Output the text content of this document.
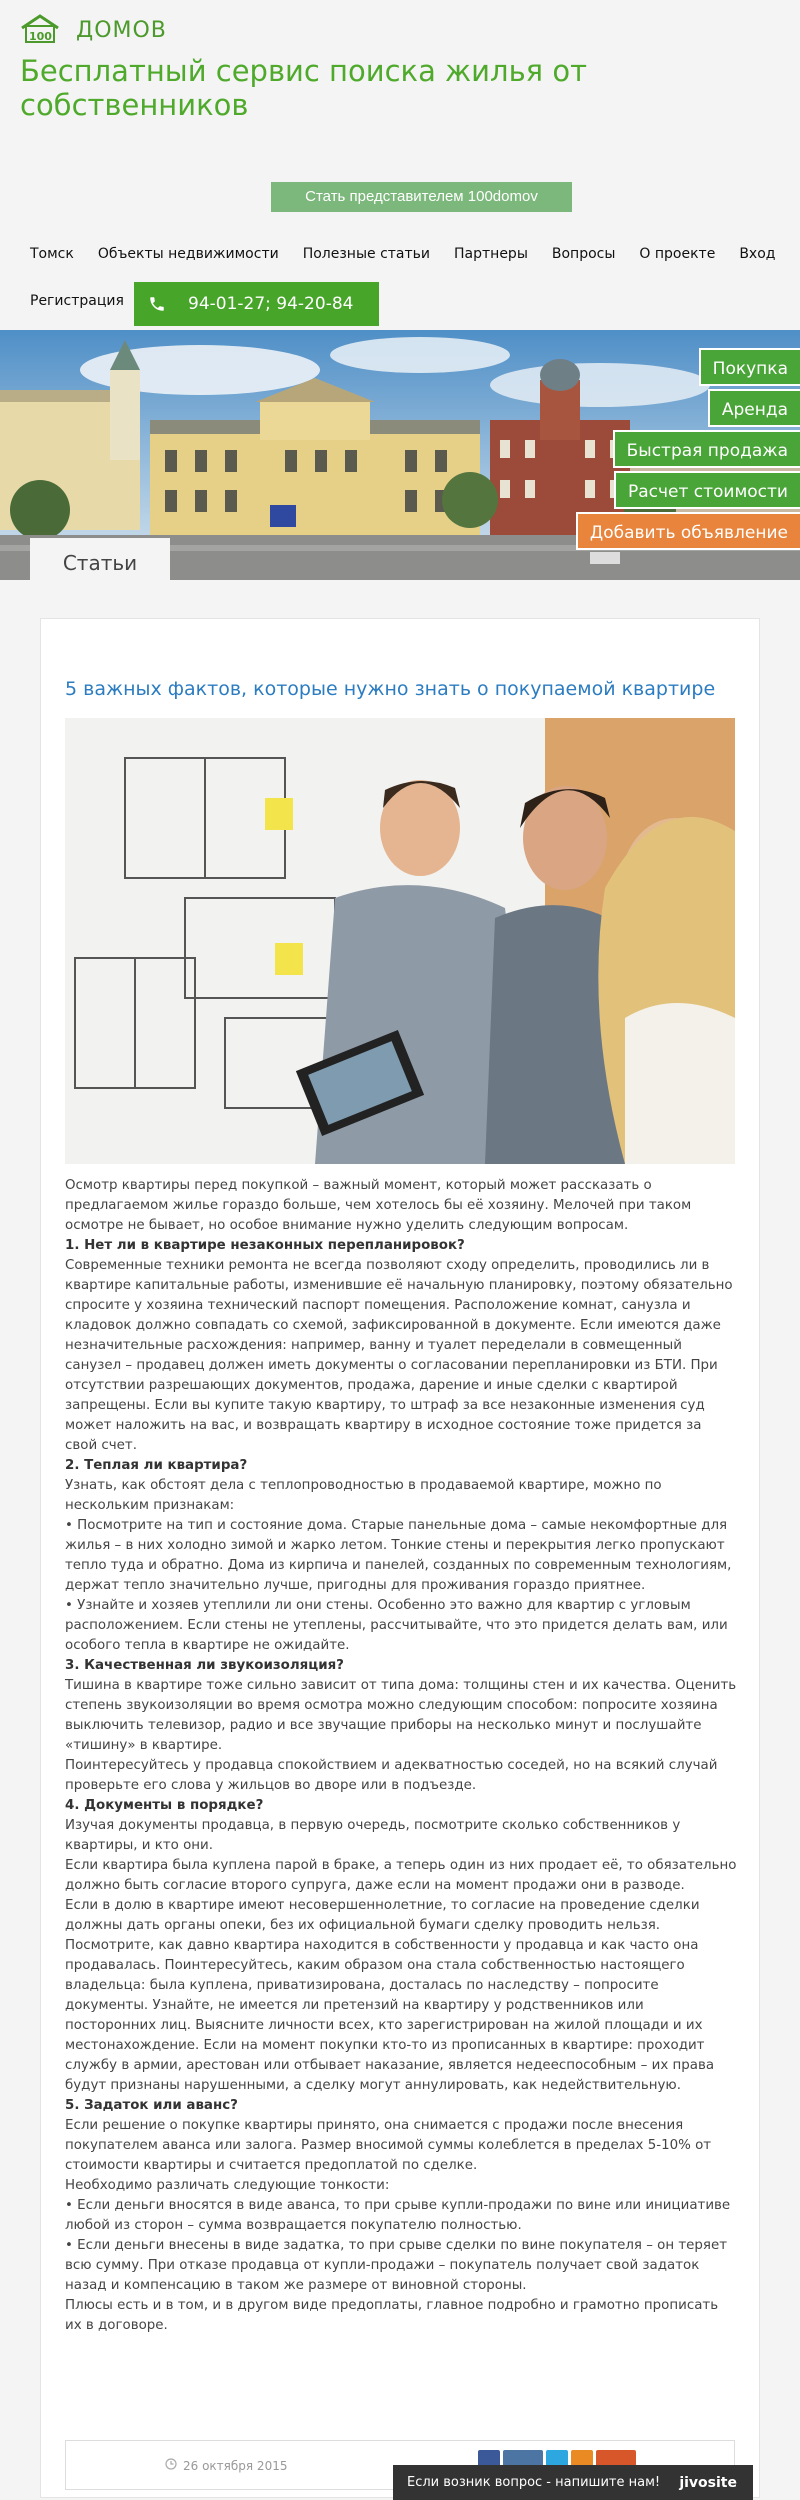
100 ДОМОВ
Бесплатный сервис поиска жилья от собственников
Стать представителем 100domov
Томск Объекты недвижимости Полезные статьи Партнеры Вопросы О проекте Вход
Регистрация	94-01-27; 94-20-84
Покупка
Аренда
Быстрая продажа
Расчет стоимости
Добавить объявление
Статьи
5 важных фактов, которые нужно знать о покупаемой квартире

Осмотр квартиры перед покупкой – важный момент, который может рассказать о предлагаемом жилье гораздо больше, чем хотелось бы её хозяину. Мелочей при таком осмотре не бывает, но особое внимание нужно уделить следующим вопросам.

1. Нет ли в квартире незаконных перепланировок?

Современные техники ремонта не всегда позволяют сходу определить, проводились ли в квартире капитальные работы, изменившие её начальную планировку, поэтому обязательно спросите у хозяина технический паспорт помещения. Расположение комнат, санузла и кладовок должно совпадать со схемой, зафиксированной в документе. Если имеются даже незначительные расхождения: например, ванну и туалет переделали в совмещенный санузел – продавец должен иметь документы о согласовании перепланировки из БТИ. При отсутствии разрешающих документов, продажа, дарение и иные сделки с квартирой запрещены. Если вы купите такую квартиру, то штраф за все незаконные изменения суд может наложить на вас, и возвращать квартиру в исходное состояние тоже придется за свой счет.

2. Теплая ли квартира?

Узнать, как обстоят дела с теплопроводностью в продаваемой квартире, можно по нескольким признакам:

• Посмотрите на тип и состояние дома. Старые панельные дома – самые некомфортные для жилья – в них холодно зимой и жарко летом. Тонкие стены и перекрытия легко пропускают тепло туда и обратно. Дома из кирпича и панелей, созданных по современным технологиям, держат тепло значительно лучше, пригодны для проживания гораздо приятнее.

• Узнайте и хозяев утеплили ли они стены. Особенно это важно для квартир с угловым расположением. Если стены не утеплены, рассчитывайте, что это придется делать вам, или особого тепла в квартире не ожидайте.

3. Качественная ли звукоизоляция?

Тишина в квартире тоже сильно зависит от типа дома: толщины стен и их качества. Оценить степень звукоизоляции во время осмотра можно следующим способом: попросите хозяина выключить телевизор, радио и все звучащие приборы на несколько минут и послушайте «тишину» в квартире.

Поинтересуйтесь у продавца спокойствием и адекватностью соседей, но на всякий случай проверьте его слова у жильцов во дворе или в подъезде.

4. Документы в порядке?

Изучая документы продавца, в первую очередь, посмотрите сколько собственников у квартиры, и кто они.

Если квартира была куплена парой в браке, а теперь один из них продает её, то обязательно должно быть согласие второго супруга, даже если на момент продажи они в разводе.

Если в долю в квартире имеют несовершеннолетние, то согласие на проведение сделки должны дать органы опеки, без их официальной бумаги сделку проводить нельзя.

Посмотрите, как давно квартира находится в собственности у продавца и как часто она продавалась. Поинтересуйтесь, каким образом она стала собственностью настоящего владельца: была куплена, приватизирована, досталась по наследству – попросите документы. Узнайте, не имеется ли претензий на квартиру у родственников или посторонних лиц. Выясните личности всех, кто зарегистрирован на жилой площади и их местонахождение. Если на момент покупки кто-то из прописанных в квартире: проходит службу в армии, арестован или отбывает наказание, является недееспособным – их права будут признаны нарушенными, а сделку могут аннулировать, как недействительную.

5. Задаток или аванс?

Если решение о покупке квартиры принято, она снимается с продажи после внесения покупателем аванса или залога. Размер вносимой суммы колеблется в пределах 5-10% от стоимости квартиры и считается предоплатой по сделке.

Необходимо различать следующие тонкости:

• Если деньги вносятся в виде аванса, то при срыве купли-продажи по вине или инициативе любой из сторон – сумма возвращается покупателю полностью.

• Если деньги внесены в виде задатка, то при срыве сделки по вине покупателя – он теряет всю сумму. При отказе продавца от купли-продажи – покупатель получает свой задаток назад и компенсацию в таком же размере от виновной стороны.

Плюсы есть и в том, и в другом виде предоплаты, главное подробно и грамотно прописать их в договоре.

26 октября 2015
Если возник вопрос - напишите нам!	jivosite
